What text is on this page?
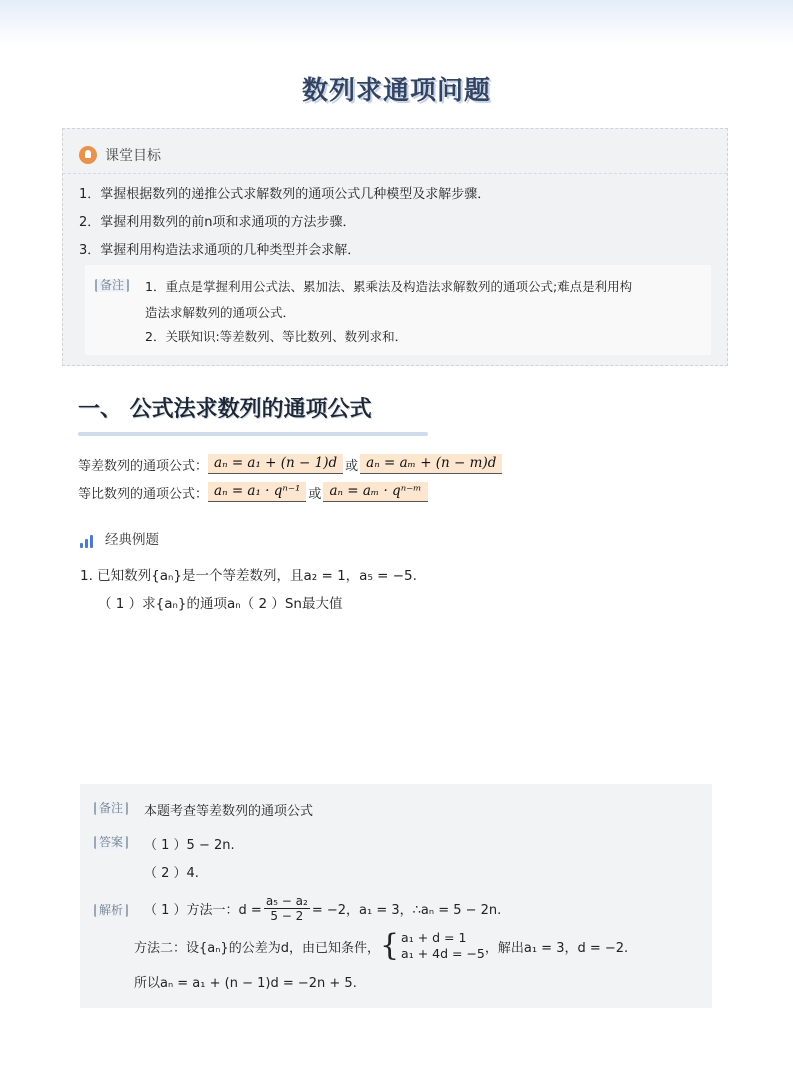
数列求通项问题
课堂目标
1．掌握根据数列的递推公式求解数列的通项公式几种模型及求解步骤．
2．掌握利用数列的前n项和求通项的方法步骤．
3．掌握利用构造法求通项的几种类型并会求解．
备注	1．重点是掌握利用公式法、累加法、累乘法及构造法求解数列的通项公式;难点是利用构
造法求解数列的通项公式．
2．关联知识:等差数列、等比数列、数列求和．
一、 公式法求数列的通项公式
等差数列的通项公式： aₙ = a₁ + (n − 1)d 或 aₙ = aₘ + (n − m)d
等比数列的通项公式： aₙ = a₁ · qⁿ⁻¹ 或 aₙ = aₘ · qⁿ⁻ᵐ
经典例题
1. 已知数列{aₙ}是一个等差数列，且a₂ = 1，a₅ = −5.
（ 1 ）求{aₙ}的通项aₙ（ 2 ）Sn最大值
备注	本题考查等差数列的通项公式
答案	（ 1 ）5 − 2n.
（ 2 ）4.
解析	（ 1 ）方法一：$d = \frac{\text{a₅ − a₂}}{5 - 2} = -2$，a₁ = 3，∴aₙ = 5 − 2n.
方法二：设{aₙ}的公差为d，由已知条件， { a₁ + d = 1
a₁ + 4d = −5 ，解出a₁ = 3，d = −2.
所以aₙ = a₁ + (n − 1)d = −2n + 5.
